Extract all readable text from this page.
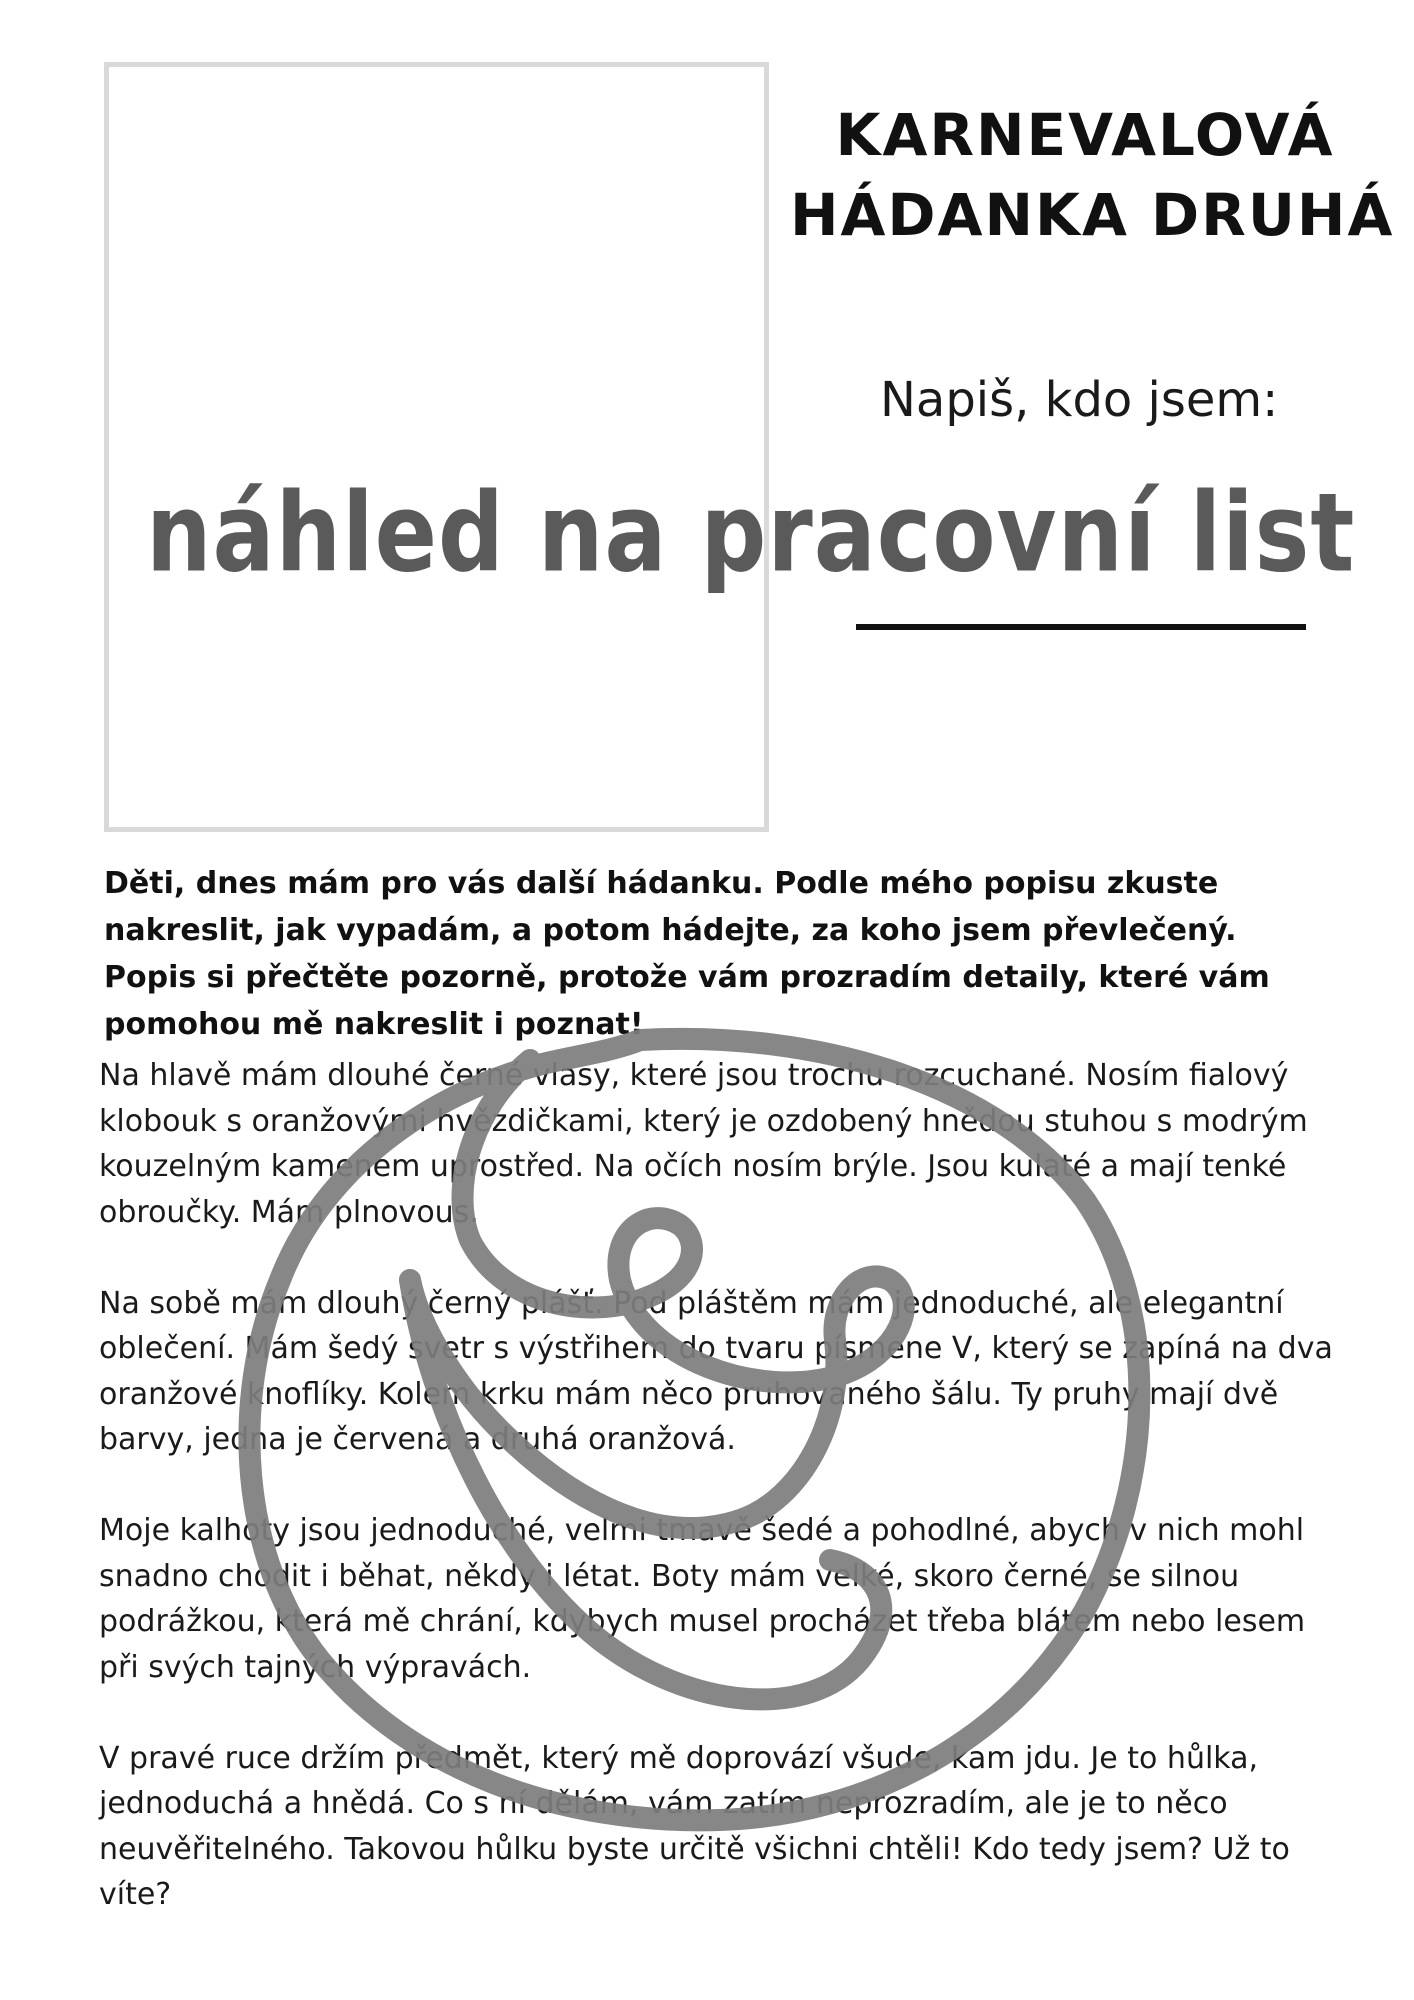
KARNEVALOVÁ
HÁDANKA DRUHÁ
Napiš, kdo jsem:
Děti, dnes mám pro vás další hádanku. Podle mého popisu zkuste nakreslit, jak vypadám, a potom hádejte, za koho jsem převlečený. Popis si přečtěte pozorně, protože vám prozradím detaily, které vám pomohou mě nakreslit i poznat!

Na hlavě mám dlouhé černé vlasy, které jsou trochu rozcuchané. Nosím fialový klobouk s oranžovými hvězdičkami, který je ozdobený hnědou stuhou s modrým kouzelným kamenem uprostřed. Na očích nosím brýle. Jsou kulaté a mají tenké obroučky. Mám plnovous.

Na sobě mám dlouhý černý plášť. Pod pláštěm mám jednoduché, ale elegantní oblečení. Mám šedý svetr s výstřihem do tvaru písmene V, který se zapíná na dva oranžové knoflíky. Kolem krku mám něco pruhovaného šálu. Ty pruhy mají dvě barvy, jedna je červená a druhá oranžová.

Moje kalhoty jsou jednoduché, velmi tmavě šedé a pohodlné, abych v nich mohl snadno chodit i běhat, někdy i létat. Boty mám velké, skoro černé, se silnou podrážkou, která mě chrání, kdybych musel procházet třeba blátem nebo lesem při svých tajných výpravách.

V pravé ruce držím předmět, který mě doprovází všude, kam jdu. Je to hůlka, jednoduchá a hnědá. Co s ní dělám, vám zatím neprozradím, ale je to něco neuvěřitelného. Takovou hůlku byste určitě všichni chtěli! Kdo tedy jsem? Už to víte?

náhled na pracovní list
